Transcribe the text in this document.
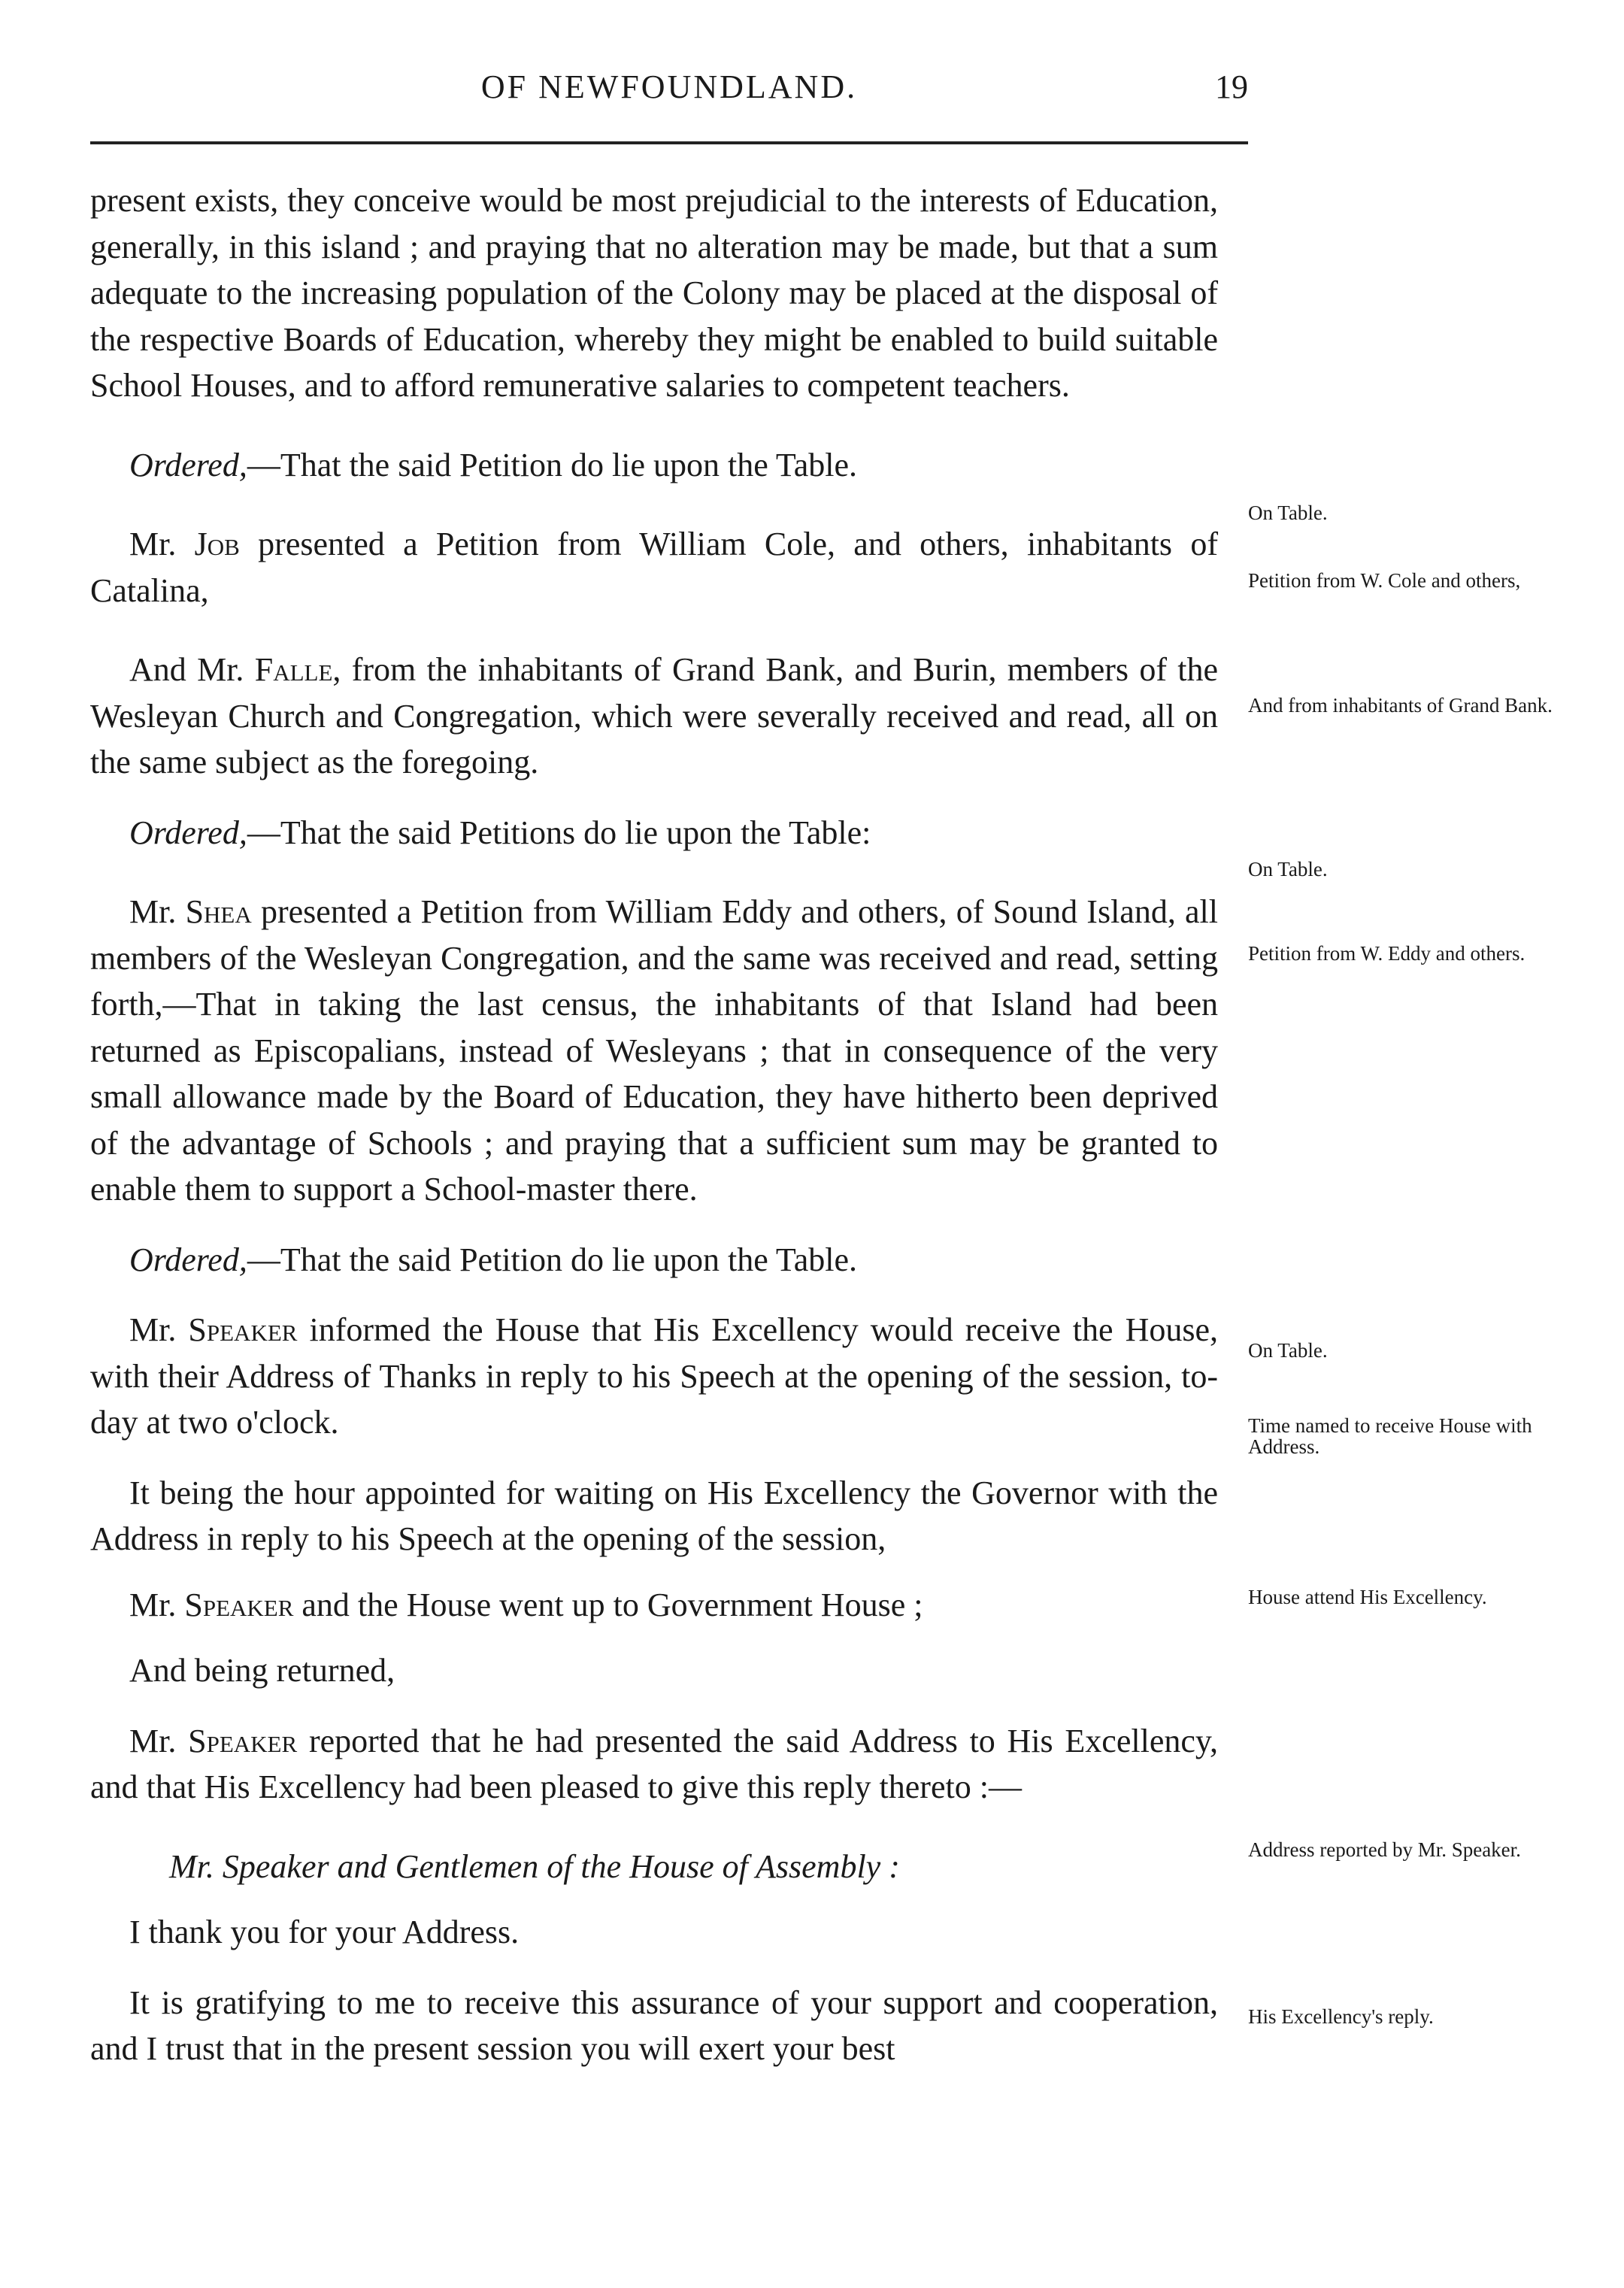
OF NEWFOUNDLAND.	19

present exists, they conceive would be most prejudicial to the interests of Education, generally, in this island ; and praying that no alteration may be made, but that a sum adequate to the increasing population of the Colony may be placed at the disposal of the respective Boards of Education, whereby they might be enabled to build suitable School Houses, and to afford remunerative salaries to competent teachers.

Ordered,—That the said Petition do lie upon the Table.

Mr. Job presented a Petition from William Cole, and others, inhabitants of Catalina,

And Mr. Falle, from the inhabitants of Grand Bank, and Burin, members of the Wesleyan Church and Congregation, which were severally received and read, all on the same subject as the foregoing.

Ordered,—That the said Petitions do lie upon the Table:

Mr. Shea presented a Petition from William Eddy and others, of Sound Island, all members of the Wesleyan Congregation, and the same was received and read, setting forth,—That in taking the last census, the inhabitants of that Island had been returned as Episcopalians, instead of Wesleyans ; that in consequence of the very small allowance made by the Board of Education, they have hitherto been deprived of the advantage of Schools ; and praying that a sufficient sum may be granted to enable them to support a School-master there.

Ordered,—That the said Petition do lie upon the Table.

Mr. Speaker informed the House that His Excellency would receive the House, with their Address of Thanks in reply to his Speech at the opening of the session, to-day at two o'clock.

It being the hour appointed for waiting on His Excellency the Governor with the Address in reply to his Speech at the opening of the session,

Mr. Speaker and the House went up to Government House ;

And being returned,

Mr. Speaker reported that he had presented the said Address to His Excellency, and that His Excellency had been pleased to give this reply thereto :—

Mr. Speaker and Gentlemen of the House of Assembly :

I thank you for your Address.

It is gratifying to me to receive this assurance of your support and cooperation, and I trust that in the present session you will exert your best

On Table.
Petition from W. Cole and others,
And from inhabitants of Grand Bank.
On Table.
Petition from W. Eddy and others.
On Table.
Time named to receive House with Address.
House attend His Excellency.
Address reported by Mr. Speaker.
His Excellency's reply.
